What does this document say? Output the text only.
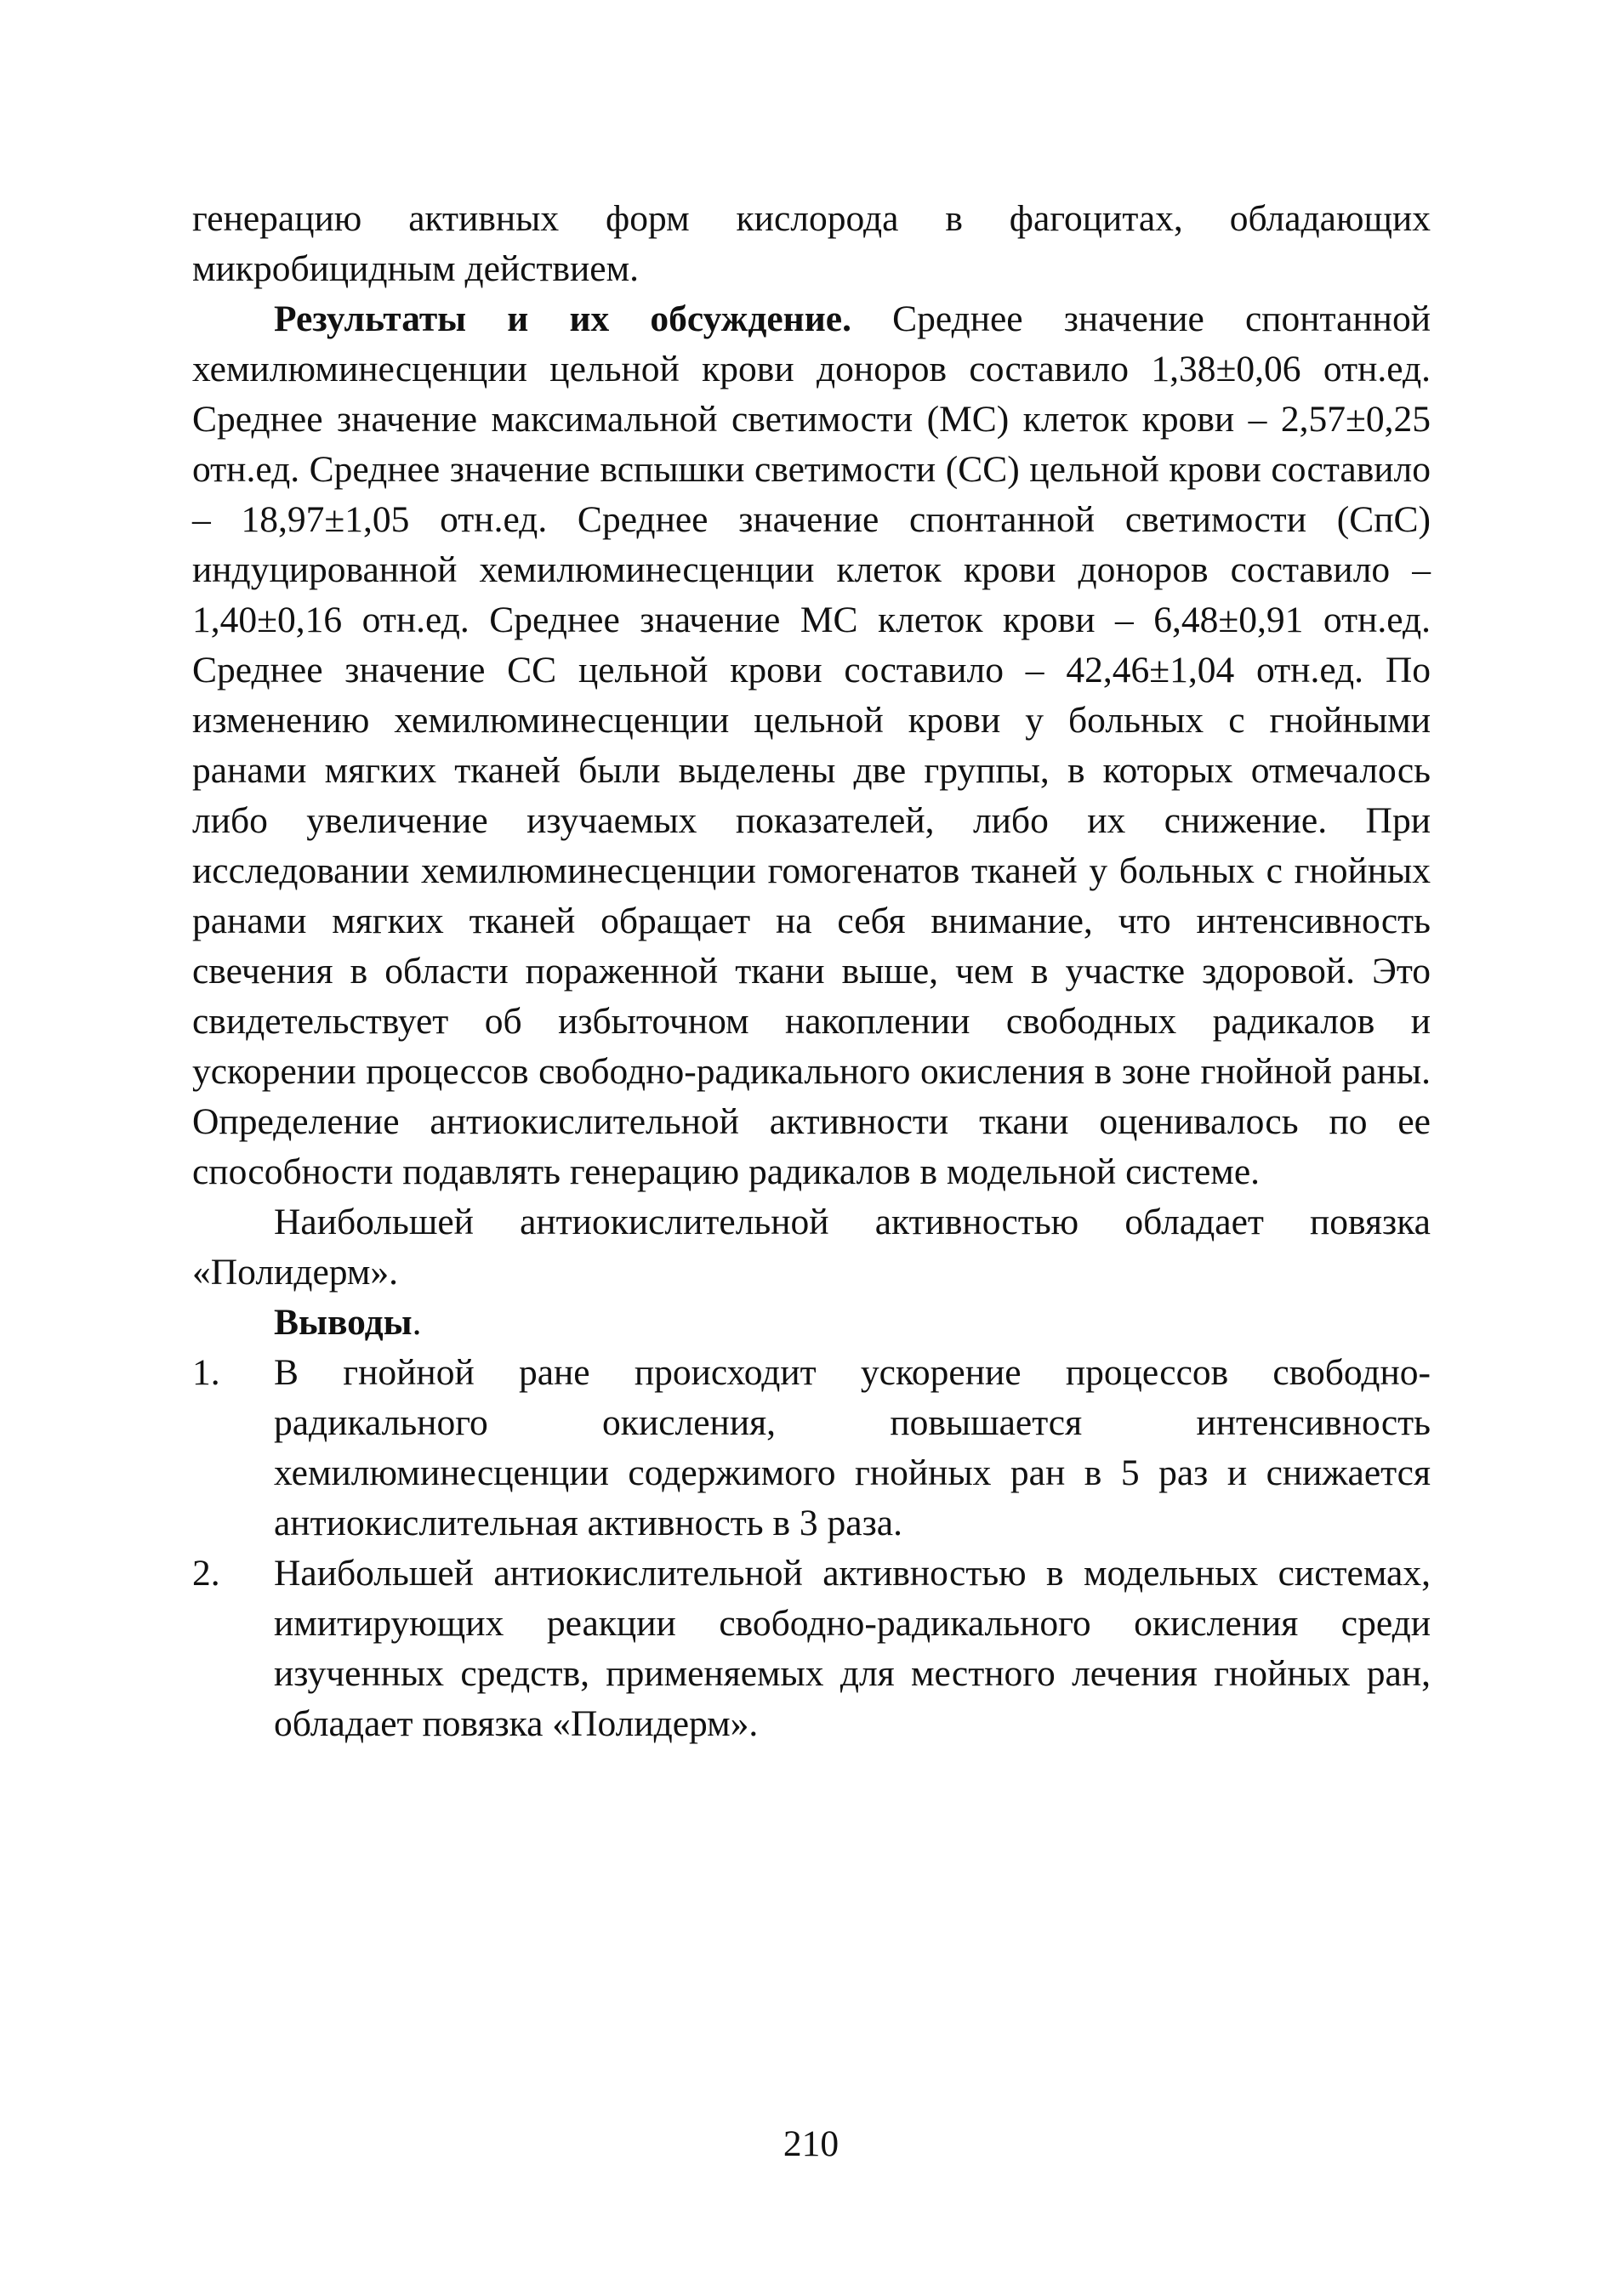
генерацию активных форм кислорода в фагоцитах, обладающих микробицидным действием.

Результаты и их обсуждение. Среднее значение спонтанной хемилюминесценции цельной крови доноров составило 1,38±0,06 отн.ед. Среднее значение максимальной светимости (МС) клеток крови – 2,57±0,25 отн.ед. Среднее значение вспышки светимости (СС) цельной крови составило – 18,97±1,05 отн.ед. Среднее значение спонтанной светимости (СпС) индуцированной хемилюминесценции клеток крови доноров составило – 1,40±0,16 отн.ед. Среднее значение МС клеток крови – 6,48±0,91 отн.ед. Среднее значение СС цельной крови составило – 42,46±1,04 отн.ед. По изменению хемилюминесценции цельной крови у больных с гнойными ранами мягких тканей были выделены две группы, в которых отмечалось либо увеличение изучаемых показателей, либо их снижение. При исследовании хемилюминесценции гомогенатов тканей у больных с гнойных ранами мягких тканей обращает на себя внимание, что интенсивность свечения в области пораженной ткани выше, чем в участке здоровой. Это свидетельствует об избыточном накоплении свободных радикалов и ускорении процессов свободно-радикального окисления в зоне гнойной раны. Определение антиокислительной активности ткани оценивалось по ее способности подавлять генерацию радикалов в модельной системе.

Наибольшей антиокислительной активностью обладает повязка «Полидерм».

Выводы.

1. В гнойной ране происходит ускорение процессов свободно-радикального окисления, повышается интенсивность хемилюминесценции содержимого гнойных ран в 5 раз и снижается антиокислительная активность в 3 раза.

2. Наибольшей антиокислительной активностью в модельных системах, имитирующих реакции свободно-радикального окисления среди изученных средств, применяемых для местного лечения гнойных ран, обладает повязка «Полидерм».

210
